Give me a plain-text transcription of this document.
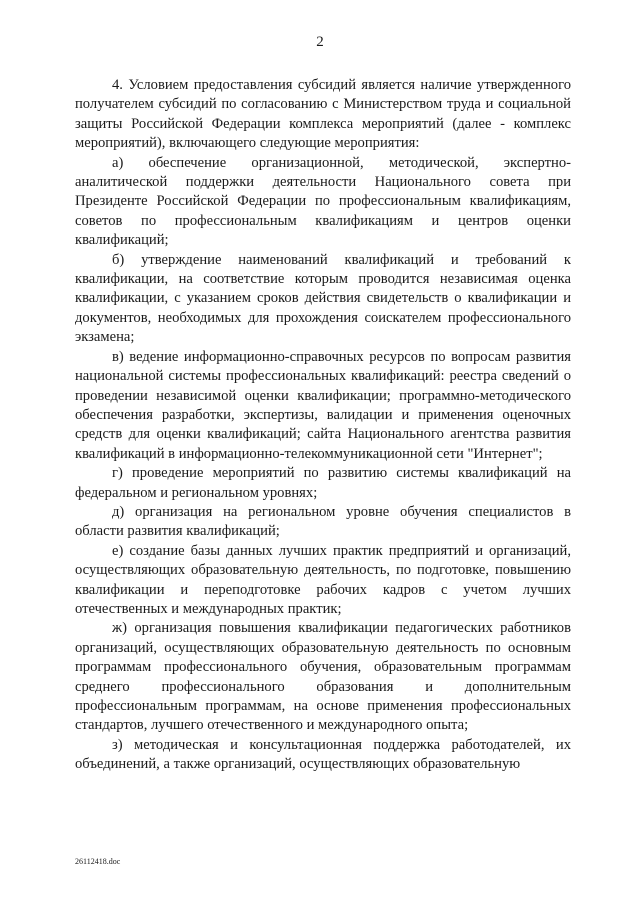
2

4. Условием предоставления субсидий является наличие утвержденного получателем субсидий по согласованию с Министерством труда и социальной защиты Российской Федерации комплекса мероприятий (далее - комплекс мероприятий), включающего следующие мероприятия:

а) обеспечение организационной, методической, экспертно-аналитической поддержки деятельности Национального совета при Президенте Российской Федерации по профессиональным квалификациям, советов по профессиональным квалификациям и центров оценки квалификаций;

б) утверждение наименований квалификаций и требований к квалификации, на соответствие которым проводится независимая оценка квалификации, с указанием сроков действия свидетельств о квалификации и документов, необходимых для прохождения соискателем профессионального экзамена;

в) ведение информационно-справочных ресурсов по вопросам развития национальной системы профессиональных квалификаций: реестра сведений о проведении независимой оценки квалификации; программно-методического обеспечения разработки, экспертизы, валидации и применения оценочных средств для оценки квалификаций; сайта Национального агентства развития квалификаций в информационно-телекоммуникационной сети "Интернет";

г) проведение мероприятий по развитию системы квалификаций на федеральном и региональном уровнях;

д) организация на региональном уровне обучения специалистов в области развития квалификаций;

е) создание базы данных лучших практик предприятий и организаций, осуществляющих образовательную деятельность, по подготовке, повышению квалификации и переподготовке рабочих кадров с учетом лучших отечественных и международных практик;

ж) организация повышения квалификации педагогических работников организаций, осуществляющих образовательную деятельность по основным программам профессионального обучения, образовательным программам среднего профессионального образования и дополнительным профессиональным программам, на основе применения профессиональных стандартов, лучшего отечественного и международного опыта;

з) методическая и консультационная поддержка работодателей, их объединений, а также организаций, осуществляющих образовательную

26112418.doc
